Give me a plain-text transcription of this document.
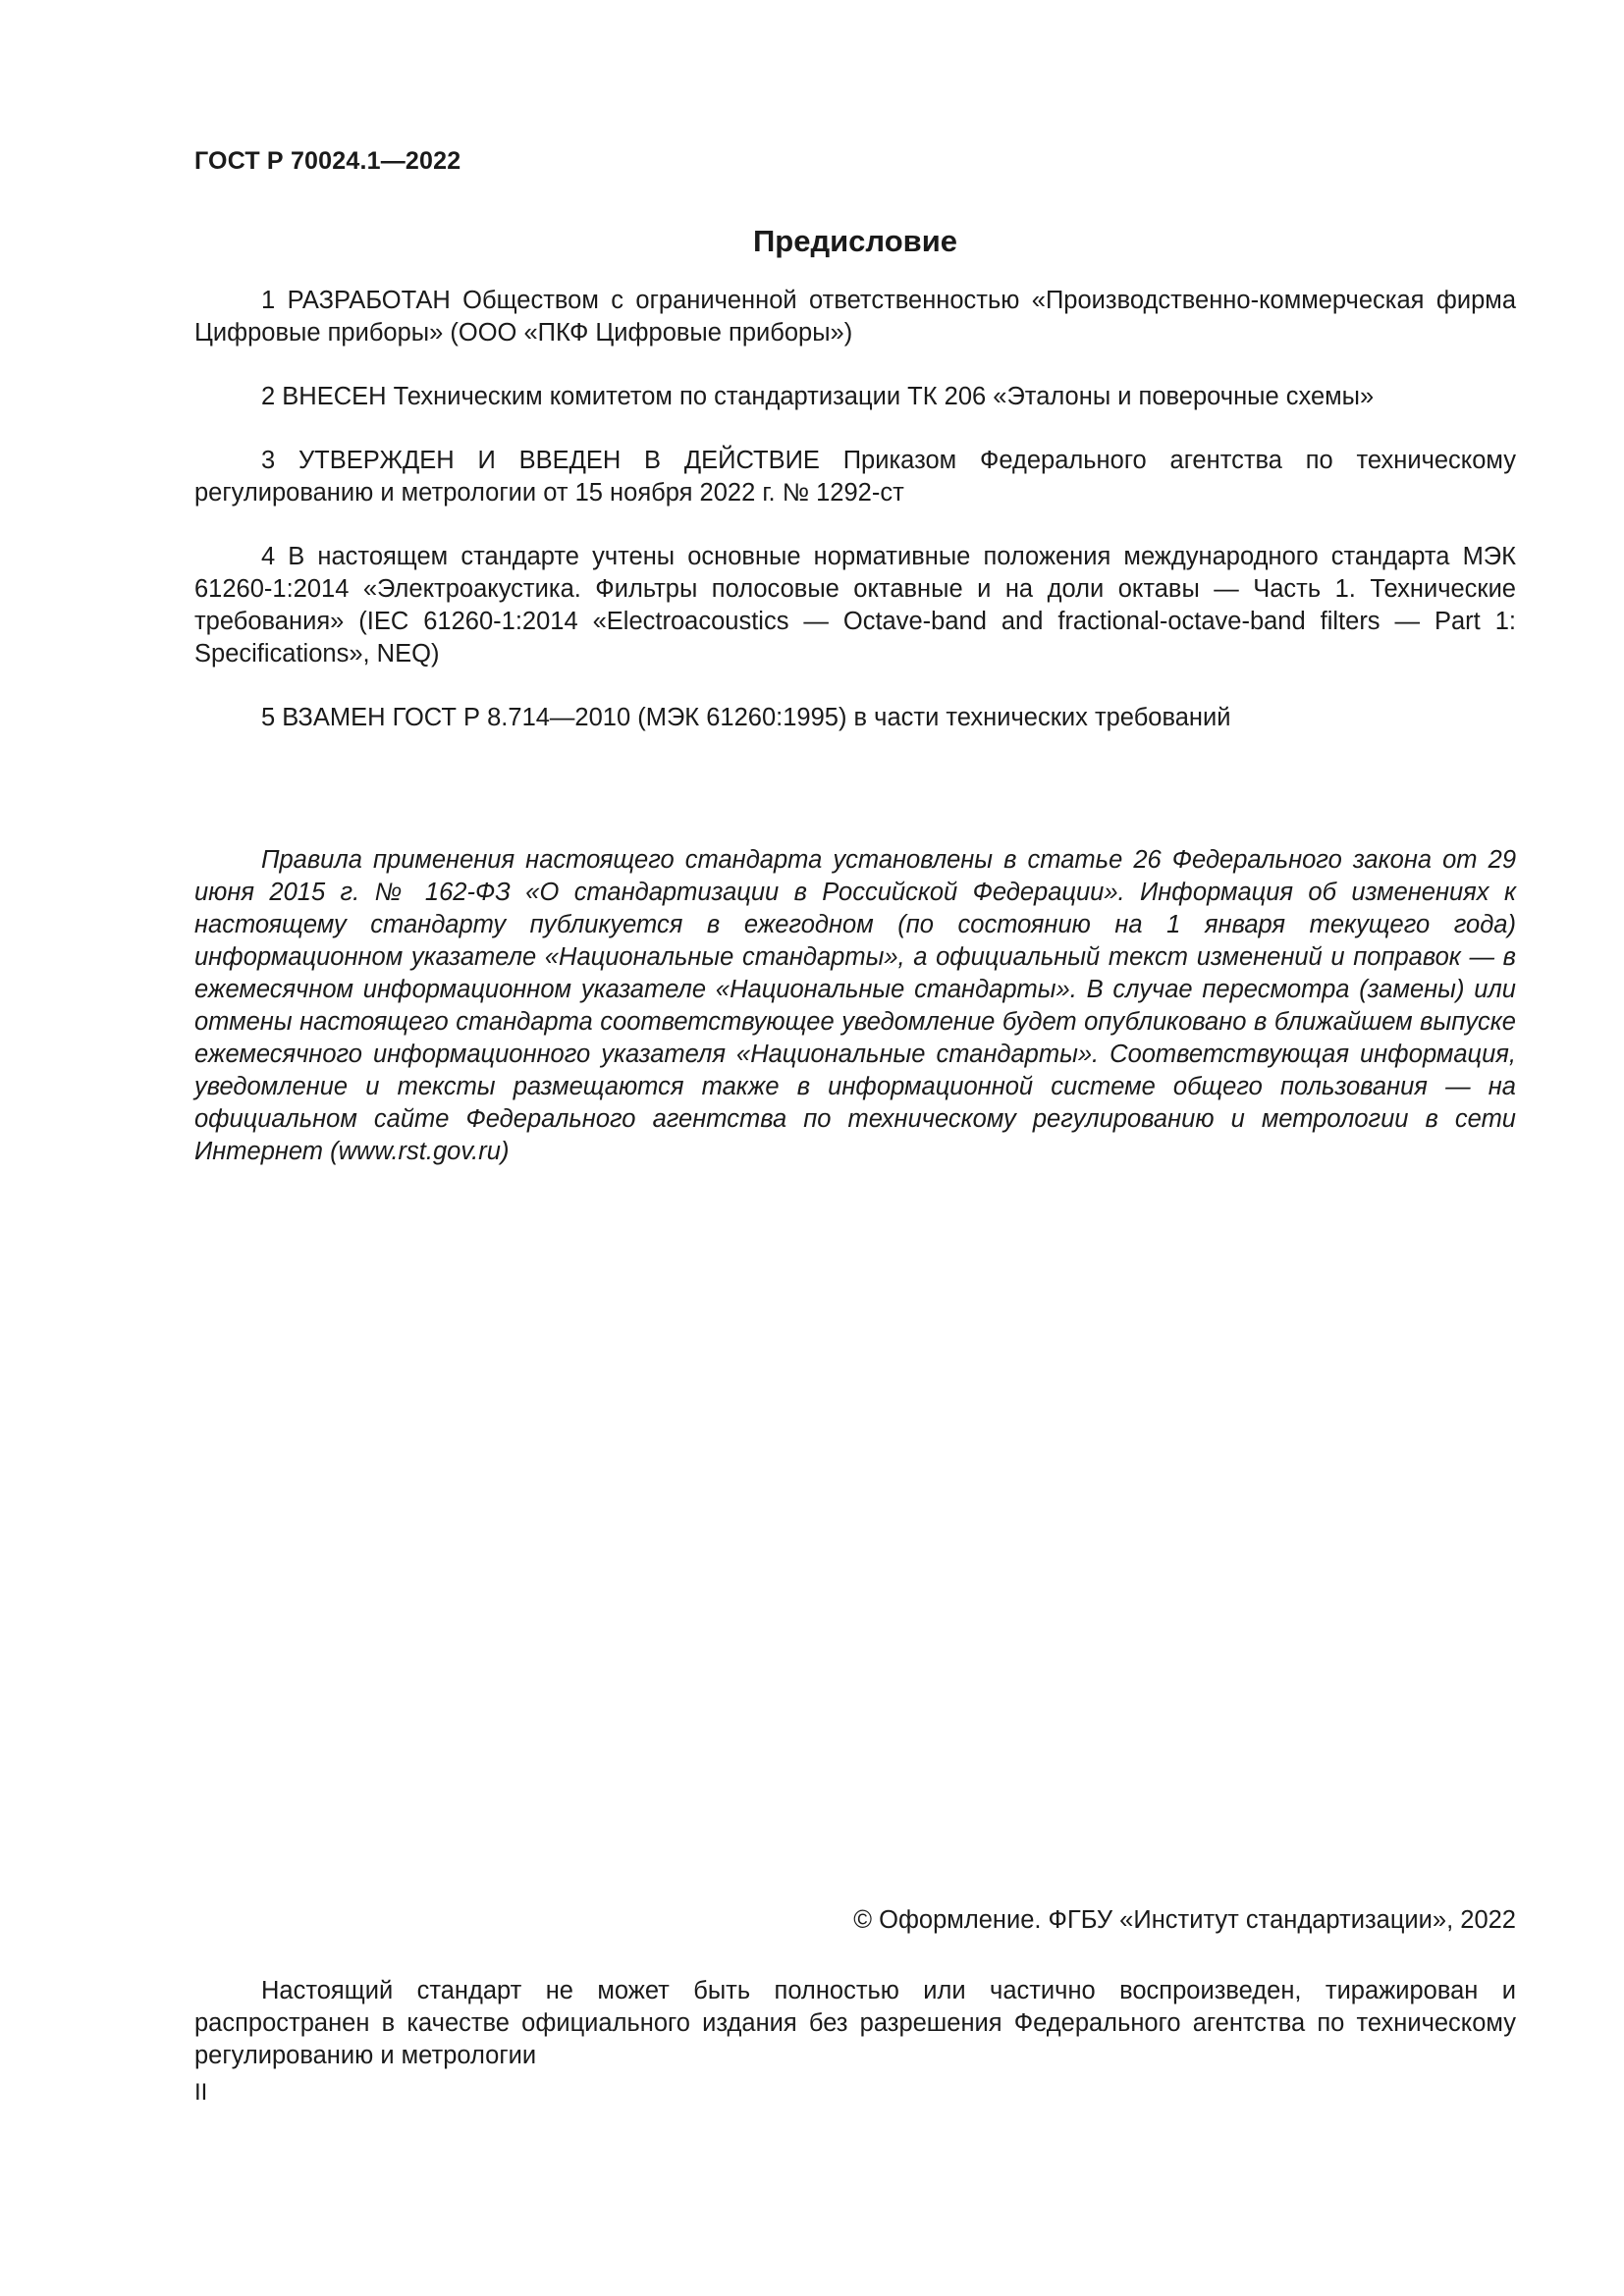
ГОСТ Р 70024.1—2022
Предисловие

1 РАЗРАБОТАН Обществом с ограниченной ответственностью «Производственно-коммерческая фирма Цифровые приборы» (ООО «ПКФ Цифровые приборы»)

2 ВНЕСЕН Техническим комитетом по стандартизации ТК 206 «Эталоны и поверочные схемы»

3 УТВЕРЖДЕН И ВВЕДЕН В ДЕЙСТВИЕ Приказом Федерального агентства по техническому регулированию и метрологии от 15 ноября 2022 г. № 1292-ст

4 В настоящем стандарте учтены основные нормативные положения международного стандарта МЭК 61260-1:2014 «Электроакустика. Фильтры полосовые октавные и на доли октавы — Часть 1. Технические требования» (IEC 61260-1:2014 «Electroacoustics — Octave-band and fractional-octave-band filters — Part 1: Specifications», NEQ)

5 ВЗАМЕН ГОСТ Р 8.714—2010 (МЭК 61260:1995) в части технических требований

Правила применения настоящего стандарта установлены в статье 26 Федерального закона от 29 июня 2015 г. № 162-ФЗ «О стандартизации в Российской Федерации». Информация об изменениях к настоящему стандарту публикуется в ежегодном (по состоянию на 1 января текущего года) информационном указателе «Национальные стандарты», а официальный текст изменений и поправок — в ежемесячном информационном указателе «Национальные стандарты». В случае пересмотра (замены) или отмены настоящего стандарта соответствующее уведомление будет опубликовано в ближайшем выпуске ежемесячного информационного указателя «Национальные стандарты». Соответствующая информация, уведомление и тексты размещаются также в информационной системе общего пользования — на официальном сайте Федерального агентства по техническому регулированию и метрологии в сети Интернет (www.rst.gov.ru)

© Оформление. ФГБУ «Институт стандартизации», 2022

Настоящий стандарт не может быть полностью или частично воспроизведен, тиражирован и распространен в качестве официального издания без разрешения Федерального агентства по техническому регулированию и метрологии

II
